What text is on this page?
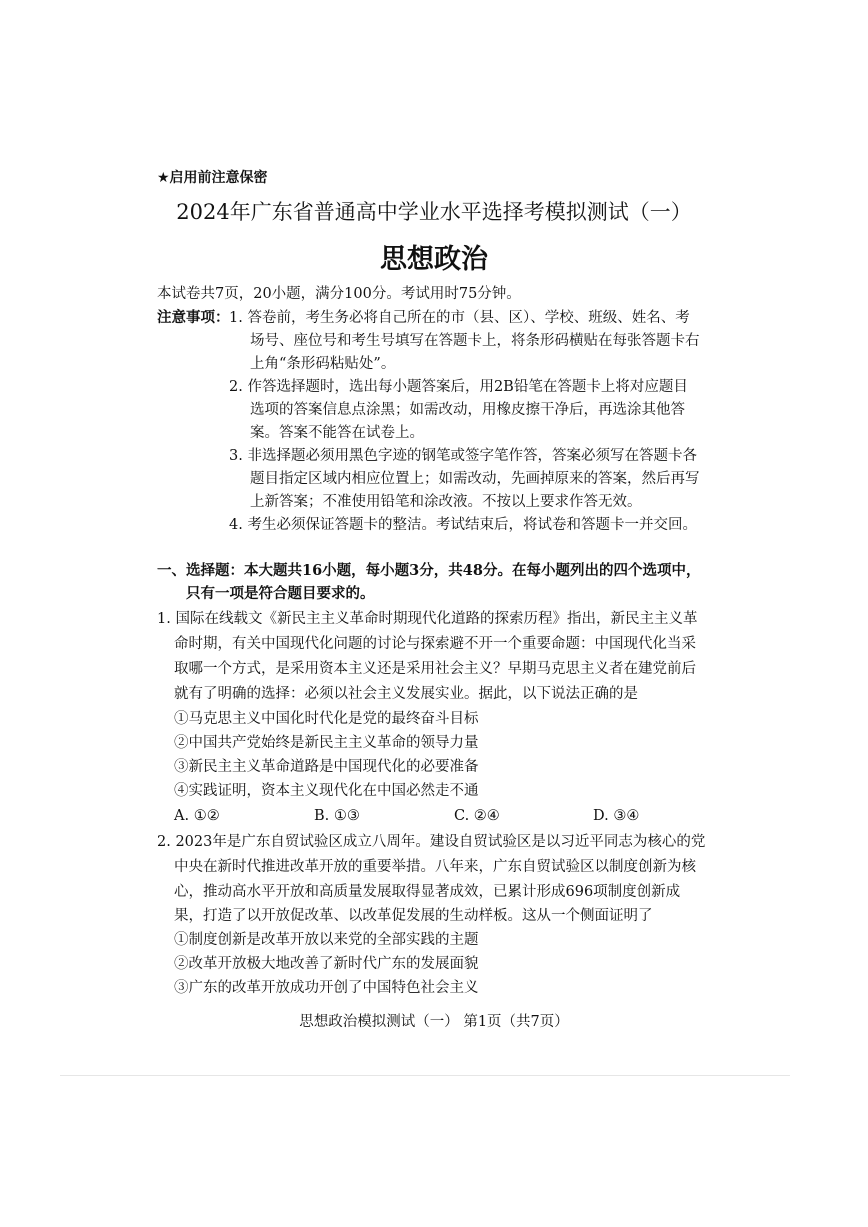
★启用前注意保密
2024年广东省普通高中学业水平选择考模拟测试（一）
思想政治
本试卷共7页，20小题，满分100分。考试用时75分钟。
注意事项： 1. 答卷前，考生务必将自己所在的市（县、区）、学校、班级、姓名、考
场号、座位号和考生号填写在答题卡上，将条形码横贴在每张答题卡右
上角“条形码粘贴处”。
2. 作答选择题时，选出每小题答案后，用2B铅笔在答题卡上将对应题目
选项的答案信息点涂黑；如需改动，用橡皮擦干净后，再选涂其他答
案。答案不能答在试卷上。
3. 非选择题必须用黑色字迹的钢笔或签字笔作答，答案必须写在答题卡各
题目指定区域内相应位置上；如需改动，先画掉原来的答案，然后再写
上新答案；不准使用铅笔和涂改液。不按以上要求作答无效。
4. 考生必须保证答题卡的整洁。考试结束后，将试卷和答题卡一并交回。
一、选择题：本大题共16小题，每小题3分，共48分。在每小题列出的四个选项中，
只有一项是符合题目要求的。
1. 国际在线载文《新民主主义革命时期现代化道路的探索历程》指出，新民主主义革
命时期，有关中国现代化问题的讨论与探索避不开一个重要命题：中国现代化当采
取哪一个方式，是采用资本主义还是采用社会主义？早期马克思主义者在建党前后
就有了明确的选择：必须以社会主义发展实业。据此，以下说法正确的是
①马克思主义中国化时代化是党的最终奋斗目标
②中国共产党始终是新民主主义革命的领导力量
③新民主主义革命道路是中国现代化的必要准备
④实践证明，资本主义现代化在中国必然走不通
A. ①②	B. ①③	C. ②④	D. ③④
2. 2023年是广东自贸试验区成立八周年。建设自贸试验区是以习近平同志为核心的党
中央在新时代推进改革开放的重要举措。八年来，广东自贸试验区以制度创新为核
心，推动高水平开放和高质量发展取得显著成效，已累计形成696项制度创新成
果，打造了以开放促改革、以改革促发展的生动样板。这从一个侧面证明了
①制度创新是改革开放以来党的全部实践的主题
②改革开放极大地改善了新时代广东的发展面貌
③广东的改革开放成功开创了中国特色社会主义
思想政治模拟测试（一） 第1页（共7页）
